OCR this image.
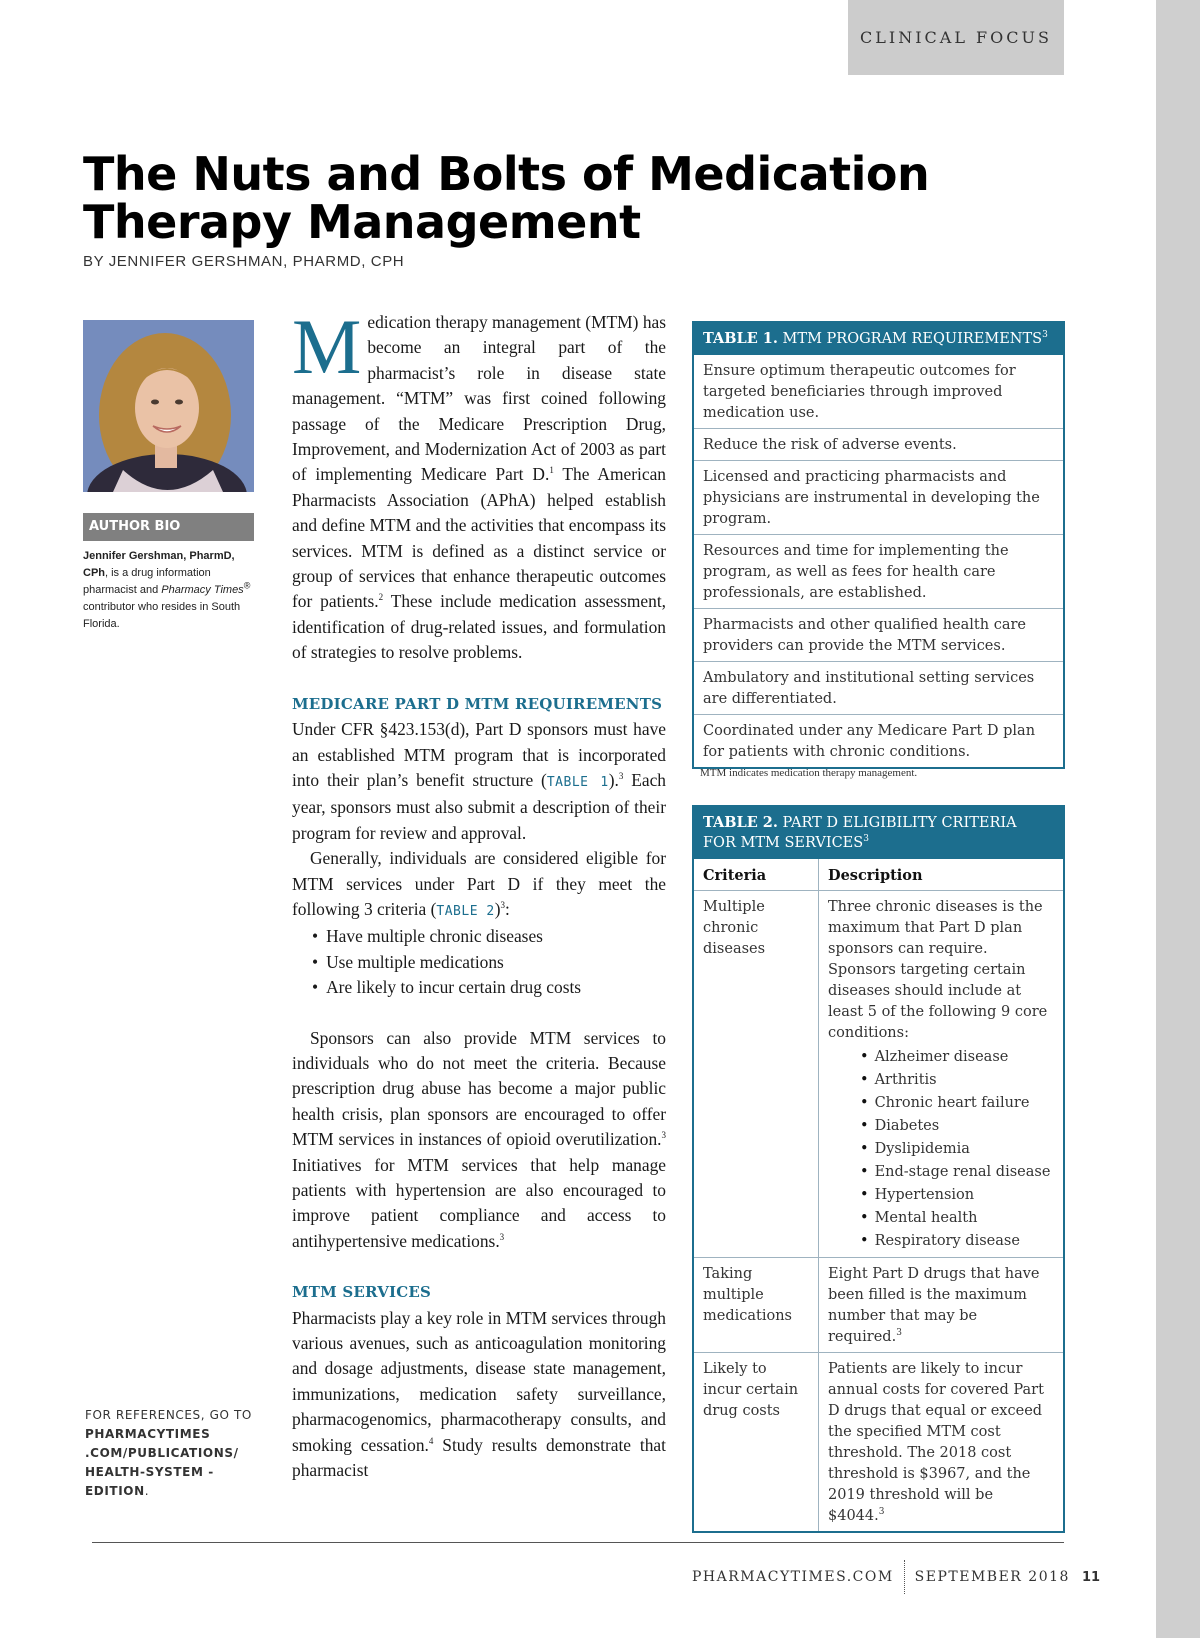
CLINICAL FOCUS
The Nuts and Bolts of Medication Therapy Management
BY JENNIFER GERSHMAN, PHARMD, CPH
AUTHOR BIO
Jennifer Gershman, PharmD, CPh, is a drug information pharmacist and Pharmacy Times® contributor who resides in South Florida.
FOR REFERENCES, GO TO
PHARMACYTIMES .COM/PUBLICATIONS/ HEALTH-SYSTEM -EDITION.

Medication therapy management (MTM) has become an integral part of the pharmacist’s role in disease state management. “MTM” was first coined following passage of the Medicare Prescription Drug, Improvement, and Modernization Act of 2003 as part of implementing Medicare Part D.$^1$ The American Pharmacists Association (APhA) helped establish and define MTM and the activities that encompass its services. MTM is defined as a distinct service or group of services that enhance therapeutic outcomes for patients.$^2$ These include medication assessment, identification of drug-related issues, and formulation of strategies to resolve problems.

MEDICARE PART D MTM REQUIREMENTS

Under CFR §423.153(d), Part D sponsors must have an established MTM program that is incorporated into their plan’s benefit structure (TABLE 1).$^3$ Each year, sponsors must also submit a description of their program for review and approval.

Generally, individuals are considered eligible for MTM services under Part D if they meet the following 3 criteria (TABLE 2)$^3$:

• Have multiple chronic diseases
• Use multiple medications
• Are likely to incur certain drug costs

Sponsors can also provide MTM services to individuals who do not meet the criteria. Because prescription drug abuse has become a major public health crisis, plan sponsors are encouraged to offer MTM services in instances of opioid overutilization.$^3$ Initiatives for MTM services that help manage patients with hypertension are also encouraged to improve patient compliance and access to antihypertensive medications.$^3$

MTM SERVICES

Pharmacists play a key role in MTM services through various avenues, such as anticoagulation monitoring and dosage adjustments, disease state management, immunizations, medication safety surveillance, pharmacogenomics, pharmacotherapy consults, and smoking cessation.$^4$ Study results demonstrate that pharmacist

TABLE 1. MTM PROGRAM REQUIREMENTS$^3$
Ensure optimum therapeutic outcomes for targeted beneficiaries through improved medication use.
Reduce the risk of adverse events.
Licensed and practicing pharmacists and physicians are instrumental in developing the program.
Resources and time for implementing the program, as well as fees for health care professionals, are established.
Pharmacists and other qualified health care providers can provide the MTM services.
Ambulatory and institutional setting services are differentiated.
Coordinated under any Medicare Part D plan for patients with chronic conditions.
MTM indicates medication therapy management.
TABLE 2. PART D ELIGIBILITY CRITERIA FOR MTM SERVICES$^3$
Criteria	Description
Multiple chronic diseases
Three chronic diseases is the maximum that Part D plan sponsors can require. Sponsors targeting certain diseases should include at least 5 of the following 9 core conditions:
• Alzheimer disease
• Arthritis
• Chronic heart failure
• Diabetes
• Dyslipidemia
• End-stage renal disease
• Hypertension
• Mental health
• Respiratory disease
Taking multiple medications
Eight Part D drugs that have been filled is the maximum number that may be required.$^3$
Likely to incur certain drug costs
Patients are likely to incur annual costs for covered Part D drugs that equal or exceed the specified MTM cost threshold. The 2018 cost threshold is $3967, and the 2019 threshold will be $4044.$^3$
PHARMACYTIMES.COM SEPTEMBER 2018 11
